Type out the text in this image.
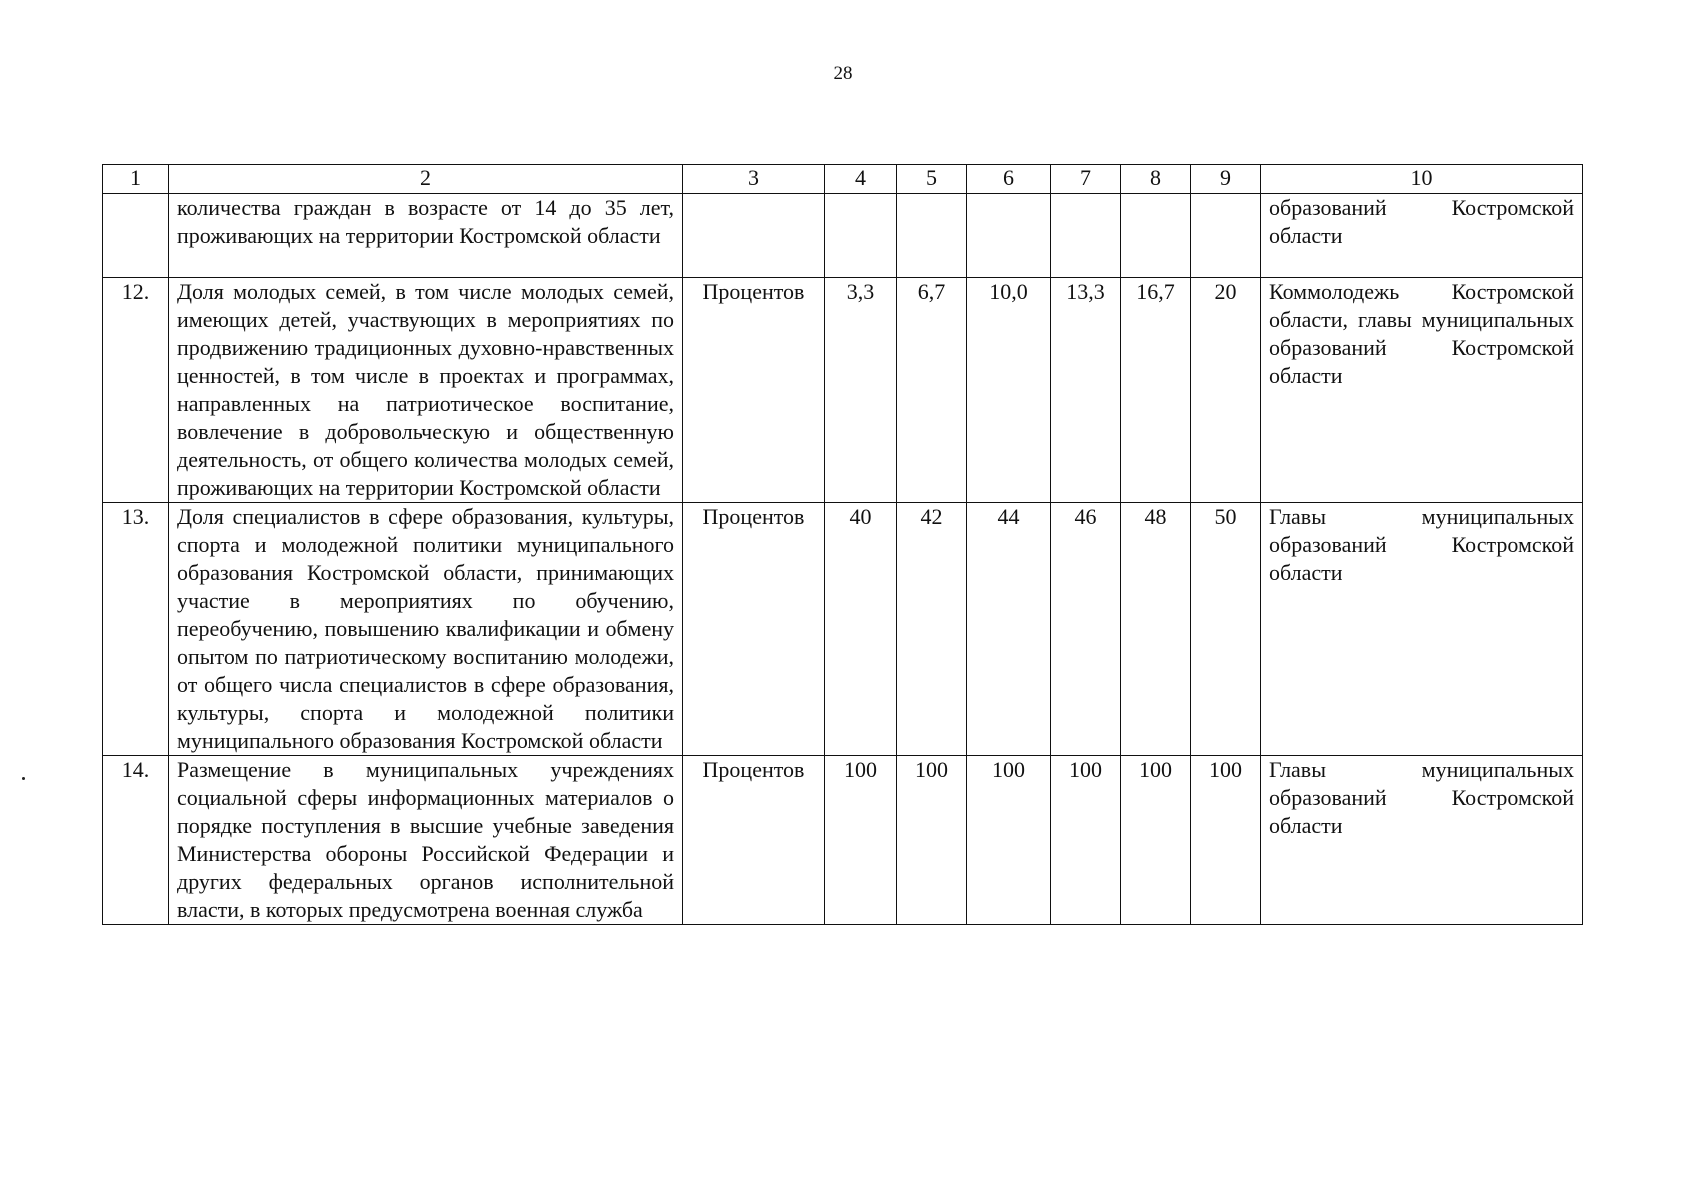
28
1	2	3	4	5	6	7	8	9	10
	количества граждан в возрасте от 14 до 35 лет, проживающих на территории Костромской области								образований Костромской области
12.	Доля молодых семей, в том числе молодых семей, имеющих детей, участвующих в мероприятиях по продвижению традиционных духовно-нравственных ценностей, в том числе в проектах и программах, направленных на патриотическое воспитание, вовлечение в добровольческую и общественную деятельность, от общего количества молодых семей, проживающих на территории Костромской области	Процентов	3,3	6,7	10,0	13,3	16,7	20	Коммолодежь Костромской области, главы муниципальных образований Костромской области
13.	Доля специалистов в сфере образования, культуры, спорта и молодежной политики муниципального образования Костромской области, принимающих участие в мероприятиях по обучению, переобучению, повышению квалификации и обмену опытом по патриотическому воспитанию молодежи, от общего числа специалистов в сфере образования, культуры, спорта и молодежной политики муниципального образования Костромской области	Процентов	40	42	44	46	48	50	Главы муниципальных образований Костромской области
14.	Размещение в муниципальных учреждениях социальной сферы информационных материалов о порядке поступления в высшие учебные заведения Министерства обороны Российской Федерации и других федеральных органов исполнительной власти, в которых предусмотрена военная служба	Процентов	100	100	100	100	100	100	Главы муниципальных образований Костромской области
